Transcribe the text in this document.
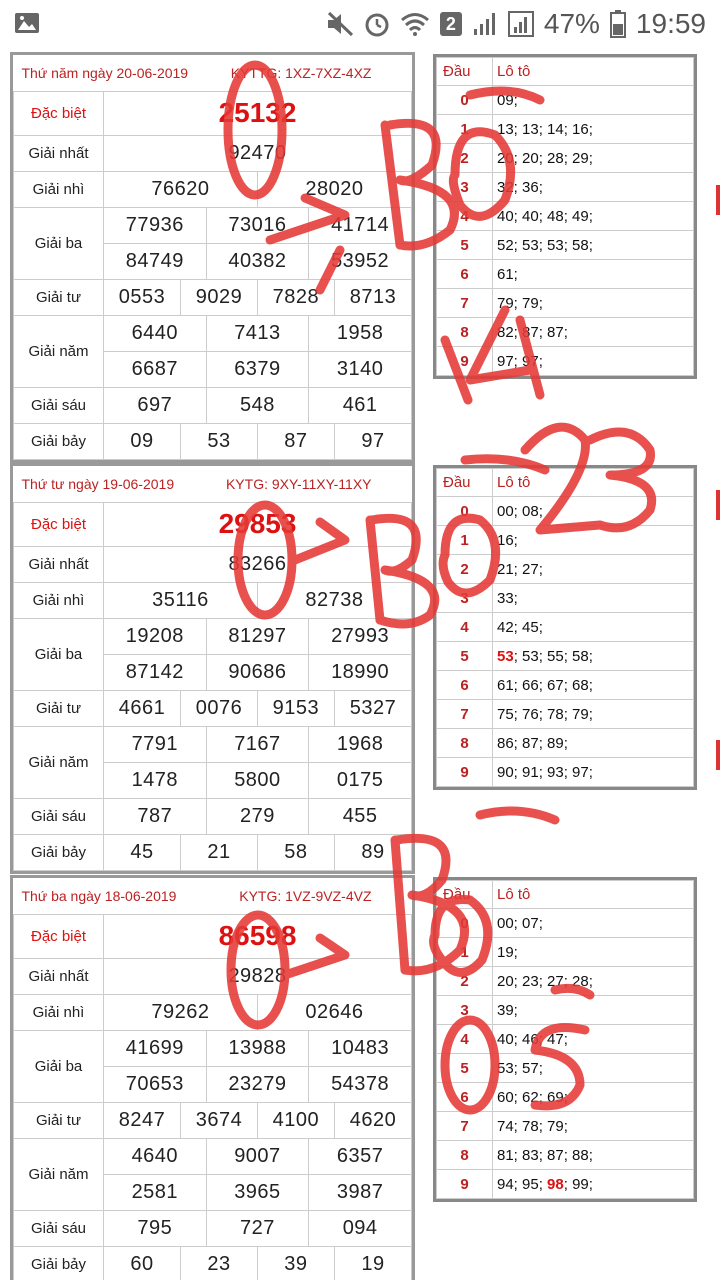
2	47% 19:59
Thứ năm ngày 20-06-2019 KYTTG: 1XZ-7XZ-4XZ						

Đặc biệt	25132					
Giải nhất	92470					
Giải nhì	76620			28020		
Giải ba	77936		73016		41714	
	84749		40382		53952	
Giải tư	0553	9029		7828		8713
Giải năm	6440		7413		1958	
	6687		6379		3140	
Giải sáu	697		548		461	
Giải bảy	09	53		87		97
Thứ tư ngày 19-06-2019 KYTG: 9XY-11XY-11XY						

Đặc biệt	29853					
Giải nhất	83266					
Giải nhì	35116			82738		
Giải ba	19208		81297		27993	
	87142		90686		18990	
Giải tư	4661	0076		9153		5327
Giải năm	7791		7167		1968	
	1478		5800		0175	
Giải sáu	787		279		455	
Giải bảy	45	21		58		89
Thứ ba ngày 18-06-2019 KYTG: 1VZ-9VZ-4VZ						

Đặc biệt	86598					
Giải nhất	29828					
Giải nhì	79262			02646		
Giải ba	41699		13988		10483	
	70653		23279		54378	
Giải tư	8247	3674		4100		4620
Giải năm	4640		9007		6357	
	2581		3965		3987	
Giải sáu	795		727		094	
Giải bảy	60	23		39		19
Đầu	Lô tô
0	09;
1	13; 13; 14; 16;
2	20; 20; 28; 29;
3	32; 36;
4	40; 40; 48; 49;
5	52; 53; 53; 58;
6	61;
7	79; 79;
8	82; 87; 87;
9	97; 97;
Đầu	Lô tô
0	00; 08;
1	16;
2	21; 27;
3	33;
4	42; 45;
5	53; 53; 55; 58;
6	61; 66; 67; 68;
7	75; 76; 78; 79;
8	86; 87; 89;
9	90; 91; 93; 97;
Đầu	Lô tô
0	00; 07;
1	19;
2	20; 23; 27; 28;
3	39;
4	40; 46; 47;
5	53; 57;
6	60; 62; 69;
7	74; 78; 79;
8	81; 83; 87; 88;
9	94; 95; 98; 99;
